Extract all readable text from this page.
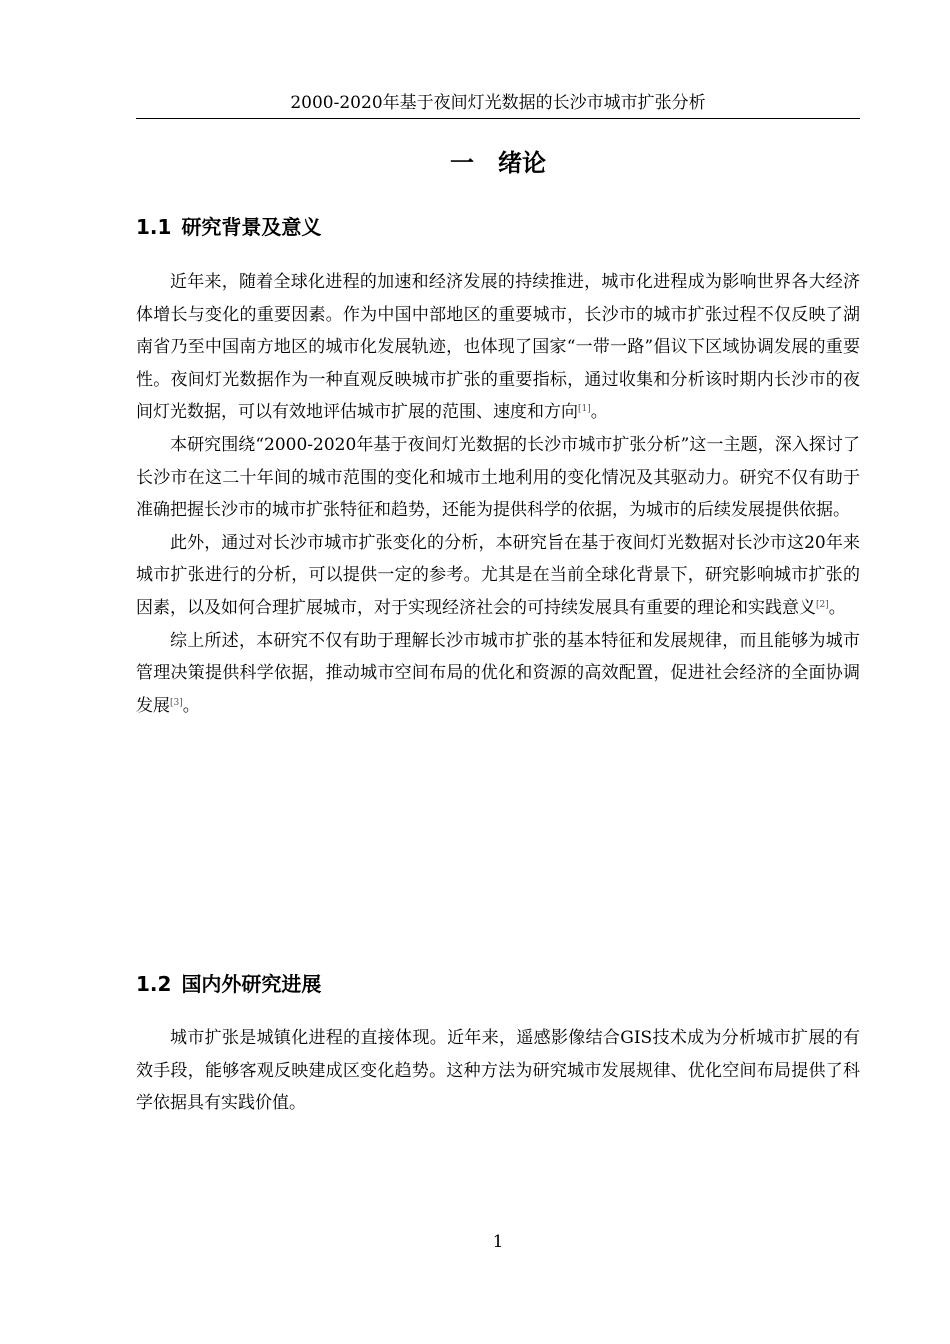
2000-2020年基于夜间灯光数据的长沙市城市扩张分析
一 绪论
1.1 研究背景及意义

近年来，随着全球化进程的加速和经济发展的持续推进，城市化进程成为影响世界各大经济体增长与变化的重要因素。作为中国中部地区的重要城市，长沙市的城市扩张过程不仅反映了湖南省乃至中国南方地区的城市化发展轨迹，也体现了国家“一带一路”倡议下区域协调发展的重要性。夜间灯光数据作为一种直观反映城市扩张的重要指标，通过收集和分析该时期内长沙市的夜间灯光数据，可以有效地评估城市扩展的范围、速度和方向[1]。

本研究围绕“2000-2020年基于夜间灯光数据的长沙市城市扩张分析”这一主题，深入探讨了长沙市在这二十年间的城市范围的变化和城市土地利用的变化情况及其驱动力。研究不仅有助于准确把握长沙市的城市扩张特征和趋势，还能为提供科学的依据，为城市的后续发展提供依据。

此外，通过对长沙市城市扩张变化的分析，本研究旨在基于夜间灯光数据对长沙市这20年来城市扩张进行的分析，可以提供一定的参考。尤其是在当前全球化背景下，研究影响城市扩张的因素，以及如何合理扩展城市，对于实现经济社会的可持续发展具有重要的理论和实践意义[2]。

综上所述，本研究不仅有助于理解长沙市城市扩张的基本特征和发展规律，而且能够为城市管理决策提供科学依据，推动城市空间布局的优化和资源的高效配置，促进社会经济的全面协调发展[3]。

1.2 国内外研究进展

城市扩张是城镇化进程的直接体现。近年来，遥感影像结合GIS技术成为分析城市扩展的有效手段，能够客观反映建成区变化趋势。这种方法为研究城市发展规律、优化空间布局提供了科学依据具有实践价值。

1
